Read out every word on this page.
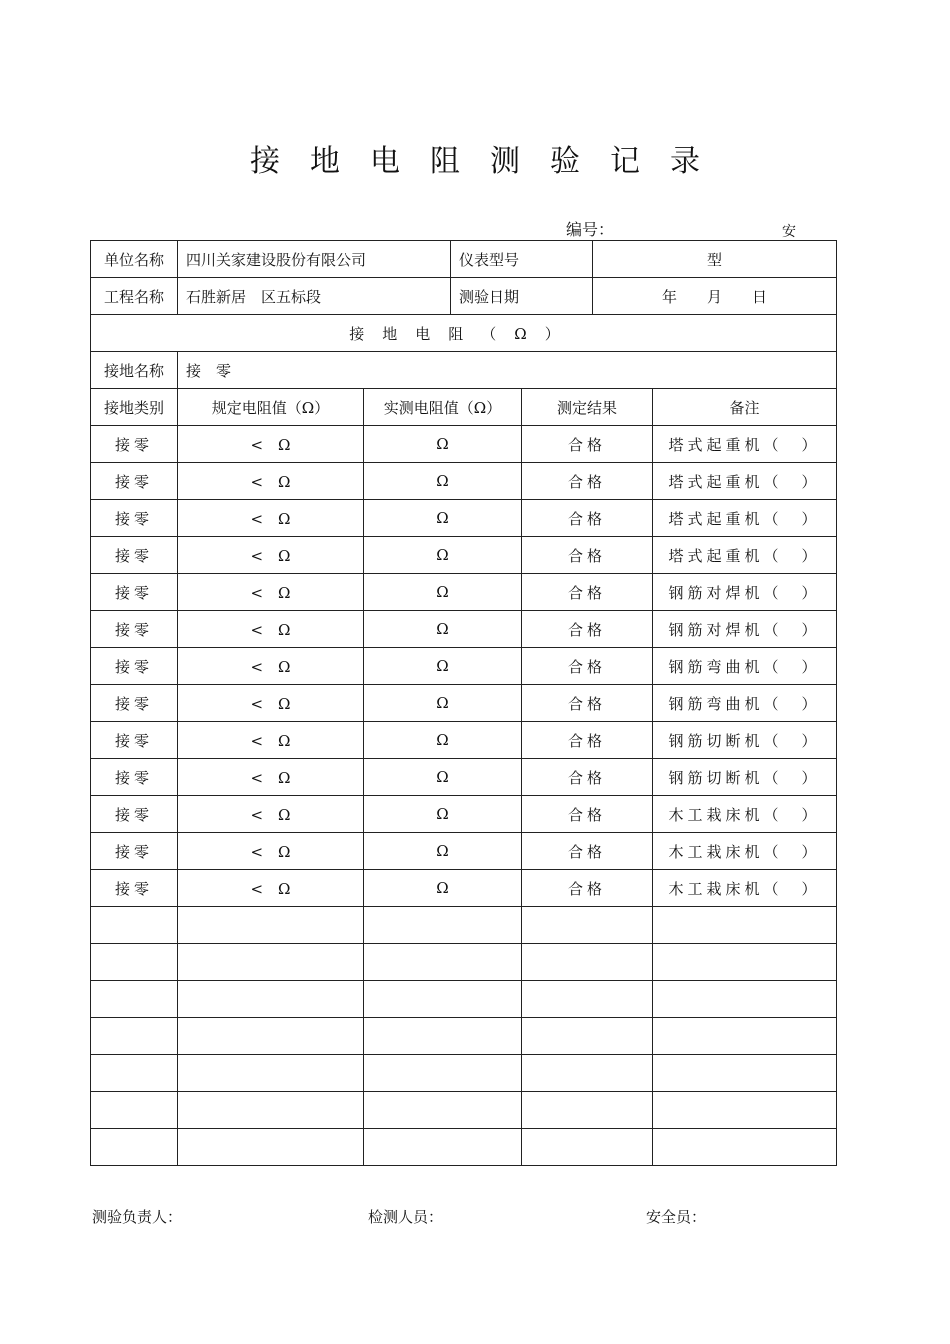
接地电阻测验记录
编号：	安
单位名称	四川关家建设股份有限公司		仪表型号		型	
工程名称	石胜新居　区五标段		测验日期		年　　月　　日	
接地电阻（Ω）						
接地名称	接　零					
接地类别	规定电阻值（Ω）	实测电阻值（Ω）		测定结果		备注
接零	<　Ω	Ω		合格		塔式起重机（　）
接零	<　Ω	Ω		合格		塔式起重机（　）
接零	<　Ω	Ω		合格		塔式起重机（　）
接零	<　Ω	Ω		合格		塔式起重机（　）
接零	<　Ω	Ω		合格		钢筋对焊机（　）
接零	<　Ω	Ω		合格		钢筋对焊机（　）
接零	<　Ω	Ω		合格		钢筋弯曲机（　）
接零	<　Ω	Ω		合格		钢筋弯曲机（　）
接零	<　Ω	Ω		合格		钢筋切断机（　）
接零	<　Ω	Ω		合格		钢筋切断机（　）
接零	<　Ω	Ω		合格		木工栽床机（　）
接零	<　Ω	Ω		合格		木工栽床机（　）
接零	<　Ω	Ω		合格		木工栽床机（　）

测验负责人：	检测人员：	安全员：
